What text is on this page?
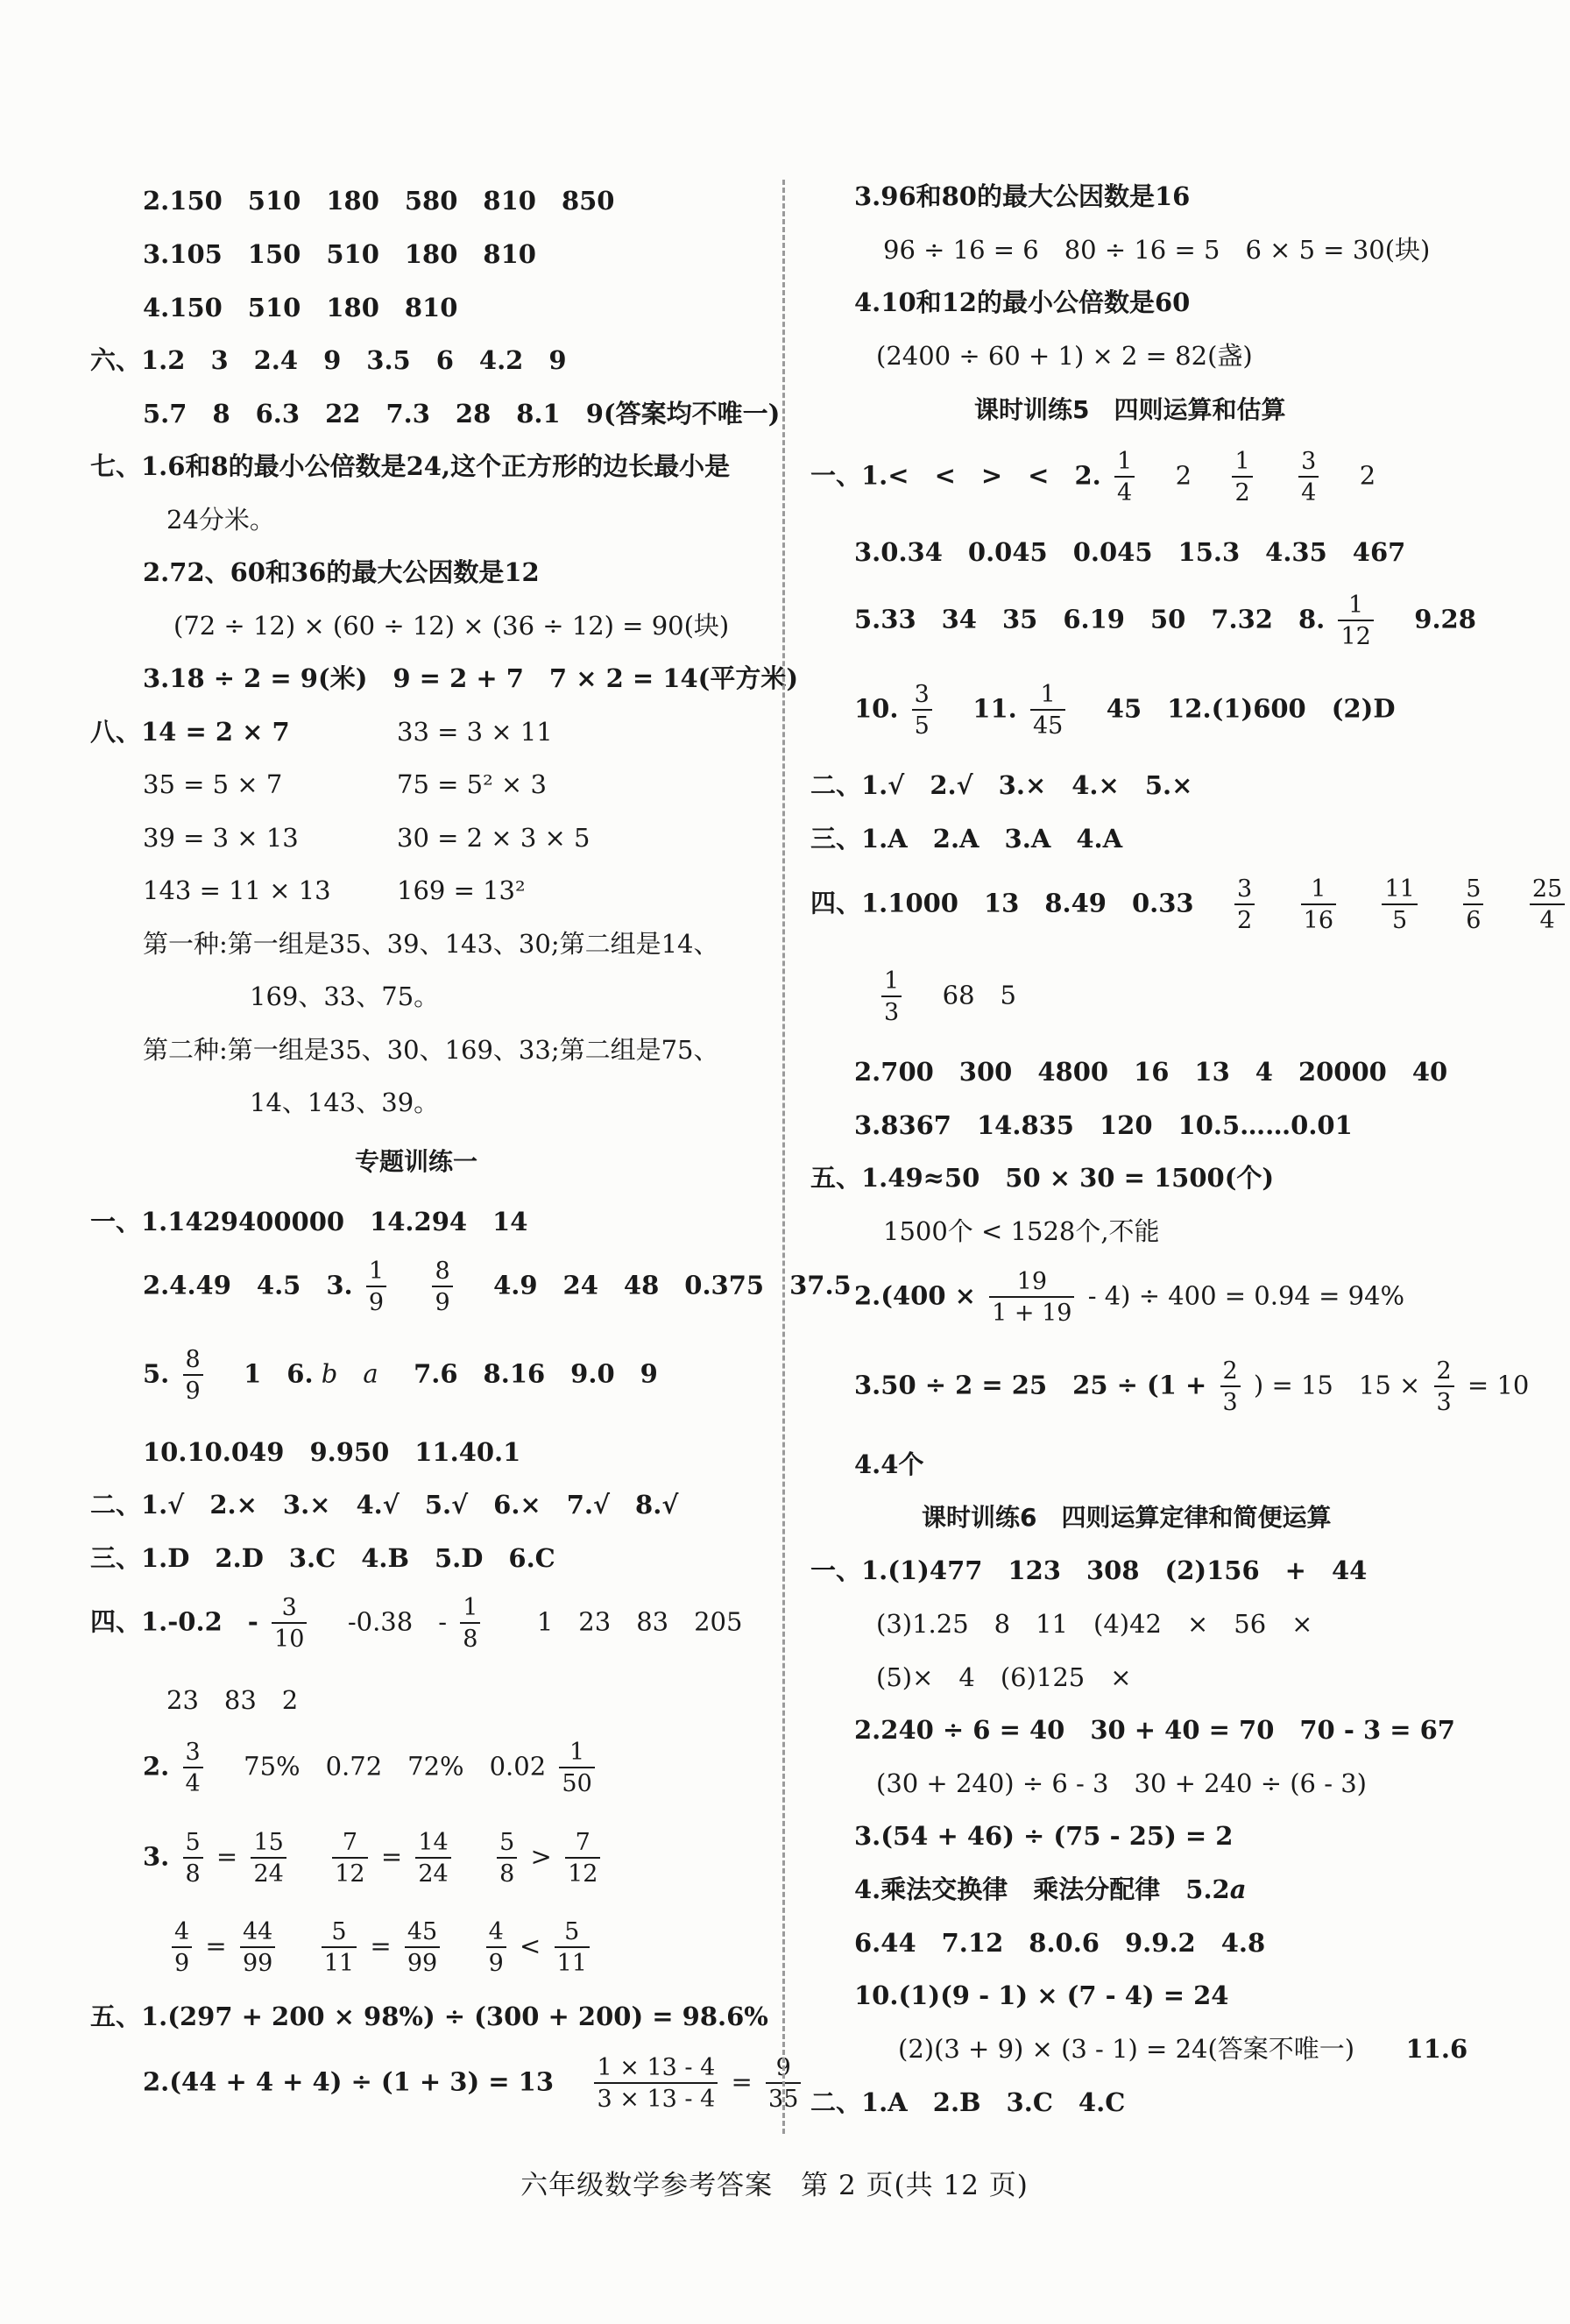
2.150　510　180　580　810　850
3.105　150　510　180　810
4.150　510　180　810
六、1.2　3　2.4　9　3.5　6　4.2　9
5.7　8　6.3　22　7.3　28　8.1　9(答案均不唯一)
七、1.6和8的最小公倍数是24,这个正方形的边长最小是
24分米。
2.72、60和36的最大公因数是12
(72 ÷ 12) × (60 ÷ 12) × (36 ÷ 12) = 90(块)
3.18 ÷ 2 = 9(米)　9 = 2 + 7　7 × 2 = 14(平方米)
八、14 = 2 × 7	33 = 3 × 11
35 = 5 × 7	75 = 5² × 3
39 = 3 × 13	30 = 2 × 3 × 5
143 = 11 × 13	169 = 13²
第一种:第一组是35、39、143、30;第二组是14、
169、33、75。
第二种:第一组是35、30、169、33;第二组是75、
14、143、39。
专题训练一
一、1.1429400000　14.294　14
2.4.49　4.5　3. $\frac{1}{9}$
$\frac{8}{9} 4.9$　24　48　0.375　37.5
5. $\frac{8}{9} 1$　6. b　a 7.6　8.16　9.0　9
10.10.049　9.950　11.40.1
二、1.√　2.×　3.×　4.√　5.√　6.×　7.√　8.√
三、1.D　2.D　3.C　4.B　5.D　6.C
四、1.-0.2　- $\frac{3}{10} -0.38$　- $\frac{1}{8} 1$　23　83　205
23　83　2
2. $\frac{3}{4} 75\%$　0.72　72%　$0.02 \frac{1}{50}$
3. $\frac{5}{8} = \frac{15}{24}$
$\frac{7}{12} = \frac{14}{24}$
$\frac{5}{8} > \frac{7}{12}$
$\frac{4}{9} = \frac{44}{99}$
$\frac{5}{11} = \frac{45}{99}$
$\frac{4}{9} < \frac{5}{11}$
五、1.(297 + 200 × 98%) ÷ (300 + 200) = 98.6%
$2.(44 + 4 + 4) \div (1 + 3) = 13 \frac{1 \times 13 - 4}{3 \times 13 - 4} = \frac{9}{35}$
3.96和80的最大公因数是16
96 ÷ 16 = 6　80 ÷ 16 = 5　6 × 5 = 30(块)
4.10和12的最小公倍数是60
(2400 ÷ 60 + 1) × 2 = 82(盏)
课时训练5　四则运算和估算
一、1.<　<　>　<　2. $\frac{1}{4} 2 \frac{1}{2}$
$\frac{3}{4} 2$
3.0.34　0.045　0.045　15.3　4.35　467
5.33　34　35　6.19　50　7.32　8. $\frac{1}{12} 9.28$
10. $\frac{3}{5} 11$. $\frac{1}{45} 45$　12.(1)600　(2)D
二、1.√　2.√　3.×　4.×　5.×
三、1.A　2.A　3.A　4.A
四、1.1000　13　8.49　$0.33 \frac{3}{2}$
$\frac{1}{16}$
$\frac{11}{5}$
$\frac{5}{6}$
$\frac{25}{4}$
$\frac{1}{3} 68$　5
2.700　300　4800　16　13　4　20000　40
3.8367　14.835　120　10.5……0.01
五、1.49≈50　50 × 30 = 1500(个)
1500个 < 1528个,不能
$2.(400 \times \frac{19}{1 + 19} - 4) \div 400 = 0.94 = 94\%$
3.50 ÷ 2 = 25　$25 \div (1 + \frac{2}{3}$ ) = 15　$15 \times \frac{2}{3} = 10$
4.4个
课时训练6　四则运算定律和简便运算
一、1.(1)477　123　308　(2)156　+　44
(3)1.25　8　11　(4)42　×　56　×
(5)×　4　(6)125　×
2.240 ÷ 6 = 40　30 + 40 = 70　70 - 3 = 67
(30 + 240) ÷ 6 - 3　30 + 240 ÷ (6 - 3)
3.(54 + 46) ÷ (75 - 25) = 2
4.乘法交换律　乘法分配律　5.2a
6.44　7.12　8.0.6　9.9.2　4.8
10.(1)(9 - 1) × (7 - 4) = 24
(2)(3 + 9) × (3 - 1) = 24(答案不唯一) 11.6
二、1.A　2.B　3.C　4.C
六年级数学参考答案　第 2 页(共 12 页)
